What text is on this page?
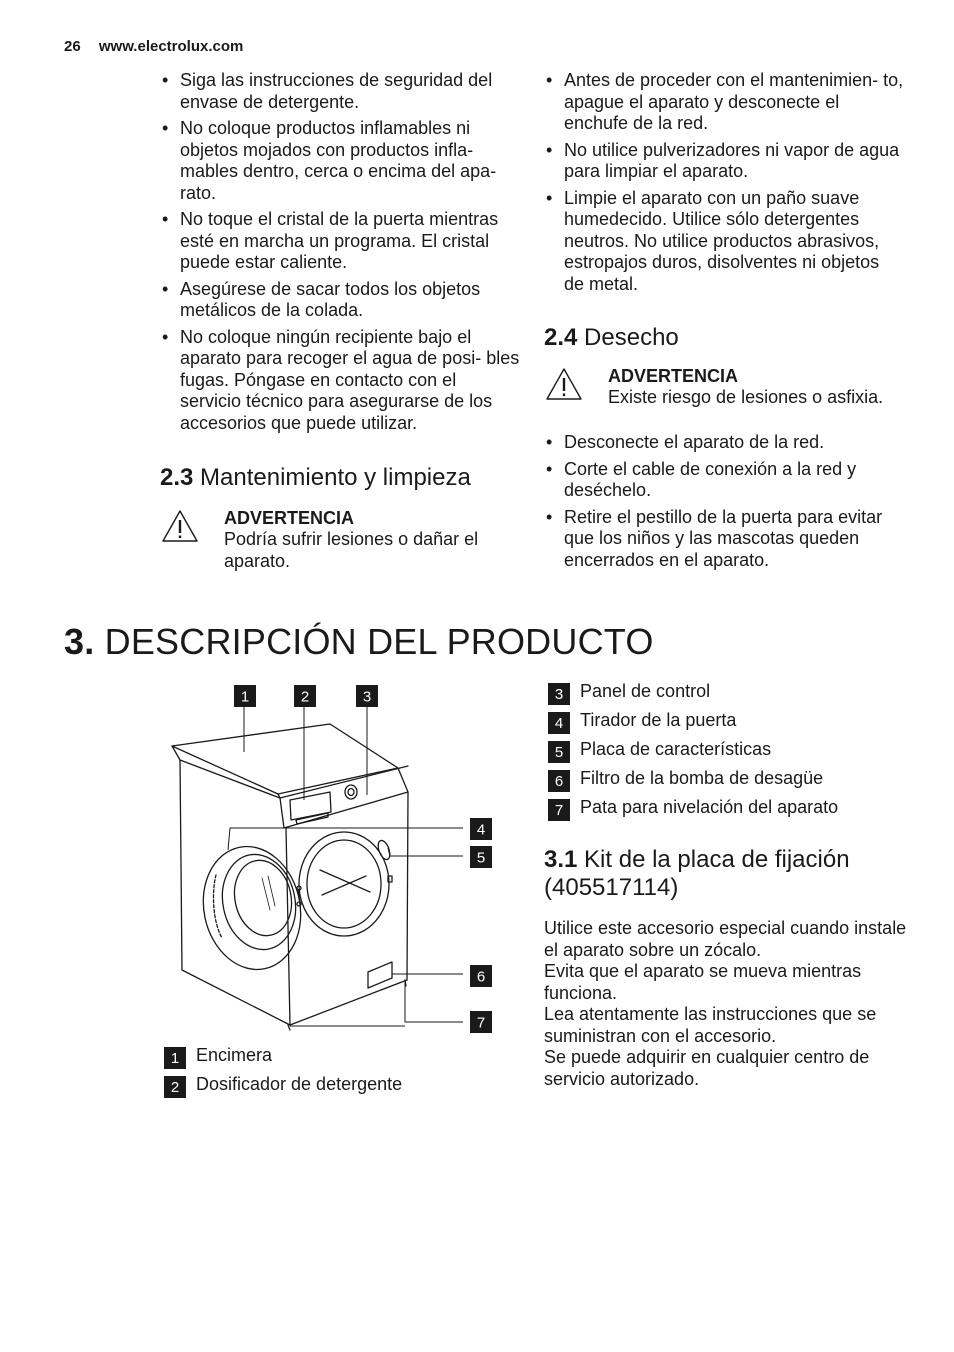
26 www.electrolux.com
• Siga las instrucciones de seguridad del envase de detergente.
• No coloque productos inflamables ni objetos mojados con productos infla- mables dentro, cerca o encima del apa- rato.
• No toque el cristal de la puerta mientras esté en marcha un programa. El cristal puede estar caliente.
• Asegúrese de sacar todos los objetos metálicos de la colada.
• No coloque ningún recipiente bajo el aparato para recoger el agua de posi- bles fugas. Póngase en contacto con el servicio técnico para asegurarse de los accesorios que puede utilizar.
2.3 Mantenimiento y limpieza
ADVERTENCIA
Podría sufrir lesiones o dañar el aparato.
• Antes de proceder con el mantenimien- to, apague el aparato y desconecte el enchufe de la red.
• No utilice pulverizadores ni vapor de agua para limpiar el aparato.
• Limpie el aparato con un paño suave humedecido. Utilice sólo detergentes neutros. No utilice productos abrasivos, estropajos duros, disolventes ni objetos de metal.
2.4 Desecho
ADVERTENCIA
Existe riesgo de lesiones o asfixia.
• Desconecte el aparato de la red.
• Corte el cable de conexión a la red y deséchelo.
• Retire el pestillo de la puerta para evitar que los niños y las mascotas queden encerrados en el aparato.
3. DESCRIPCIÓN DEL PRODUCTO
1	2	3
4
5
6
7
1 Encimera
2 Dosificador de detergente
3 Panel de control
4 Tirador de la puerta
5 Placa de características
6 Filtro de la bomba de desagüe
7 Pata para nivelación del aparato
3.1 Kit de la placa de fijación
(405517114)

Utilice este accesorio especial cuando instale el aparato sobre un zócalo.

Evita que el aparato se mueva mientras funciona.

Lea atentamente las instrucciones que se suministran con el accesorio.

Se puede adquirir en cualquier centro de servicio autorizado.
